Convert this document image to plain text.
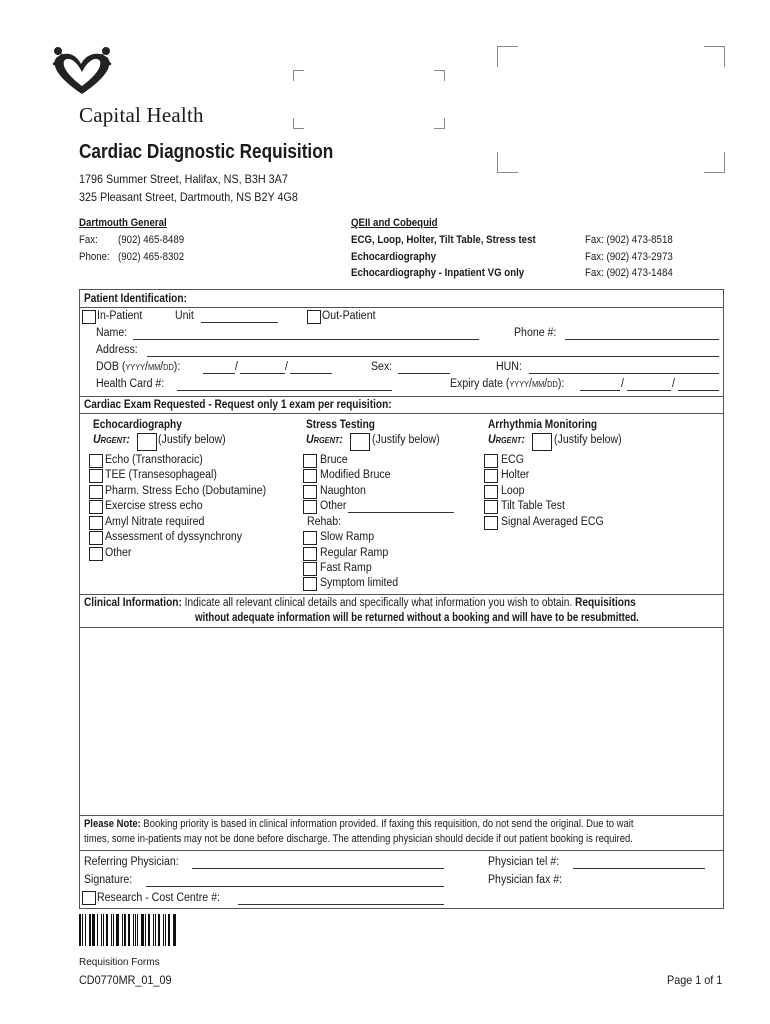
Capital Health
Cardiac Diagnostic Requisition
1796 Summer Street, Halifax, NS, B3H 3A7
325 Pleasant Street, Dartmouth, NS B2Y 4G8
Dartmouth General
Fax: (902) 465-8489
Phone: (902) 465-8302
QEII and Cobequid
ECG, Loop, Holter, Tilt Table, Stress test	Fax: (902) 473-8518
Echocardiography	Fax: (902) 473-2973
Echocardiography - Inpatient VG only	Fax: (902) 473-1484
Patient Identification:
In-Patient	Unit	Out-Patient
Name:	Phone #:
Address:
DOB (yyyy/mm/dd):	/	/	Sex:	HUN:
Health Card #:	Expiry date (yyyy/mm/dd):	/	/
Cardiac Exam Requested - Request only 1 exam per requisition:
Echocardiography
Urgent: (Justify below)
Echo (Transthoracic)
TEE (Transesophageal)
Pharm. Stress Echo (Dobutamine)
Exercise stress echo
Amyl Nitrate required
Assessment of dyssynchrony
Other
Stress Testing
Urgent:	(Justify below)
Bruce
Modified Bruce
Naughton
Other
Rehab:
Slow Ramp
Regular Ramp
Fast Ramp
Symptom limited
Arrhythmia Monitoring
Urgent:	(Justify below)
ECG
Holter
Loop
Tilt Table Test
Signal Averaged ECG
Clinical Information: Indicate all relevant clinical details and specifically what information you wish to obtain. Requisitions
without adequate information will be returned without a booking and will have to be resubmitted.
Please Note: Booking priority is based in clinical information provided. If faxing this requisition, do not send the original. Due to wait
times, some in-patients may not be done before discharge. The attending physician should decide if out patient booking is required.
Referring Physician:	Physician tel #:
Signature:	Physician fax #:
Research - Cost Centre #:
Requisition Forms
CD0770MR_01_09	Page 1 of 1
